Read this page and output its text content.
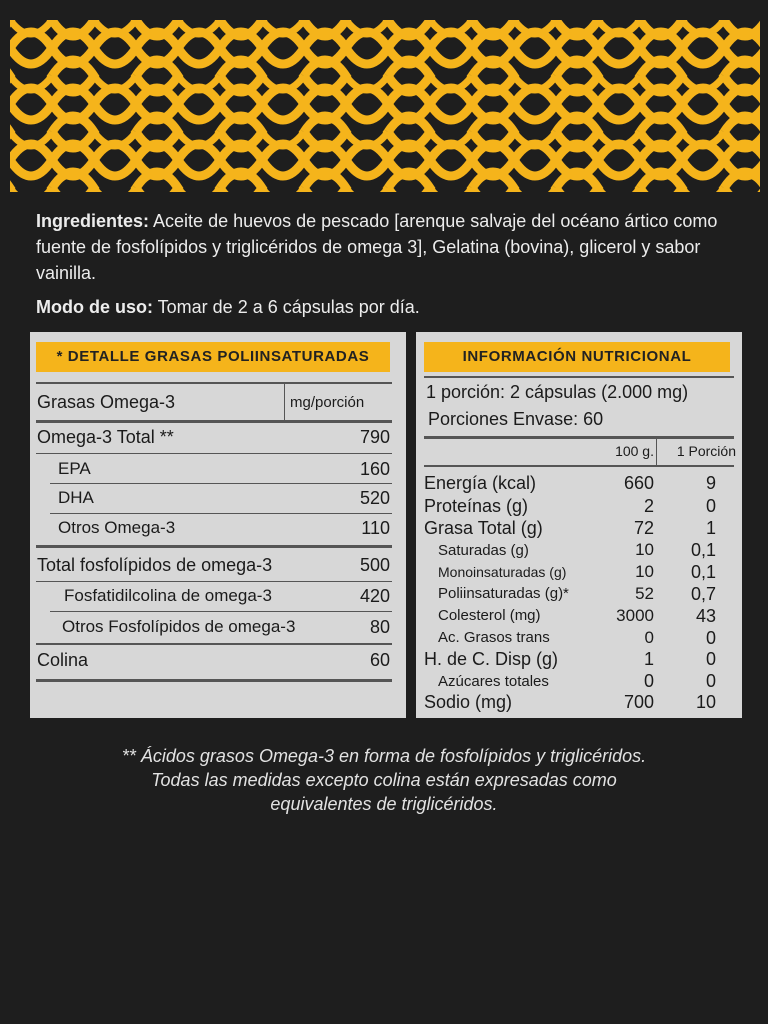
Ingredientes: Aceite de huevos de pescado [arenque salvaje del océano ártico como fuente de fosfolípidos y triglicéridos de omega 3], Gelatina (bovina), glicerol y sabor vainilla.
Modo de uso: Tomar de 2 a 6 cápsulas por día.
* DETALLE GRASAS POLIINSATURADAS
Grasas Omega-3	mg/porción
Omega-3 Total **	790
EPA	160
DHA	520
Otros Omega-3	110
Total fosfolípidos de omega-3	500
Fosfatidilcolina de omega-3	420
Otros Fosfolípidos de omega-3	80
Colina	60
INFORMACIÓN NUTRICIONAL
1 porción: 2 cápsulas (2.000 mg)
Porciones Envase: 60
100 g. 1 Porción
Energía (kcal)	660	9
Proteínas (g)	2	0
Grasa Total (g)	72	1
Saturadas (g)	10 0,1
Monoinsaturadas (g)	10 0,1
Poliinsaturadas (g)*	52 0,7
Colesterol (mg)	3000 43
Ac. Grasos trans	0	0
H. de C. Disp (g)	1	0
Azúcares totales	0	0
Sodio (mg)	700 10
** Ácidos grasos Omega-3 en forma de fosfolípidos y triglicéridos.
Todas las medidas excepto colina están expresadas como
equivalentes de triglicéridos.
